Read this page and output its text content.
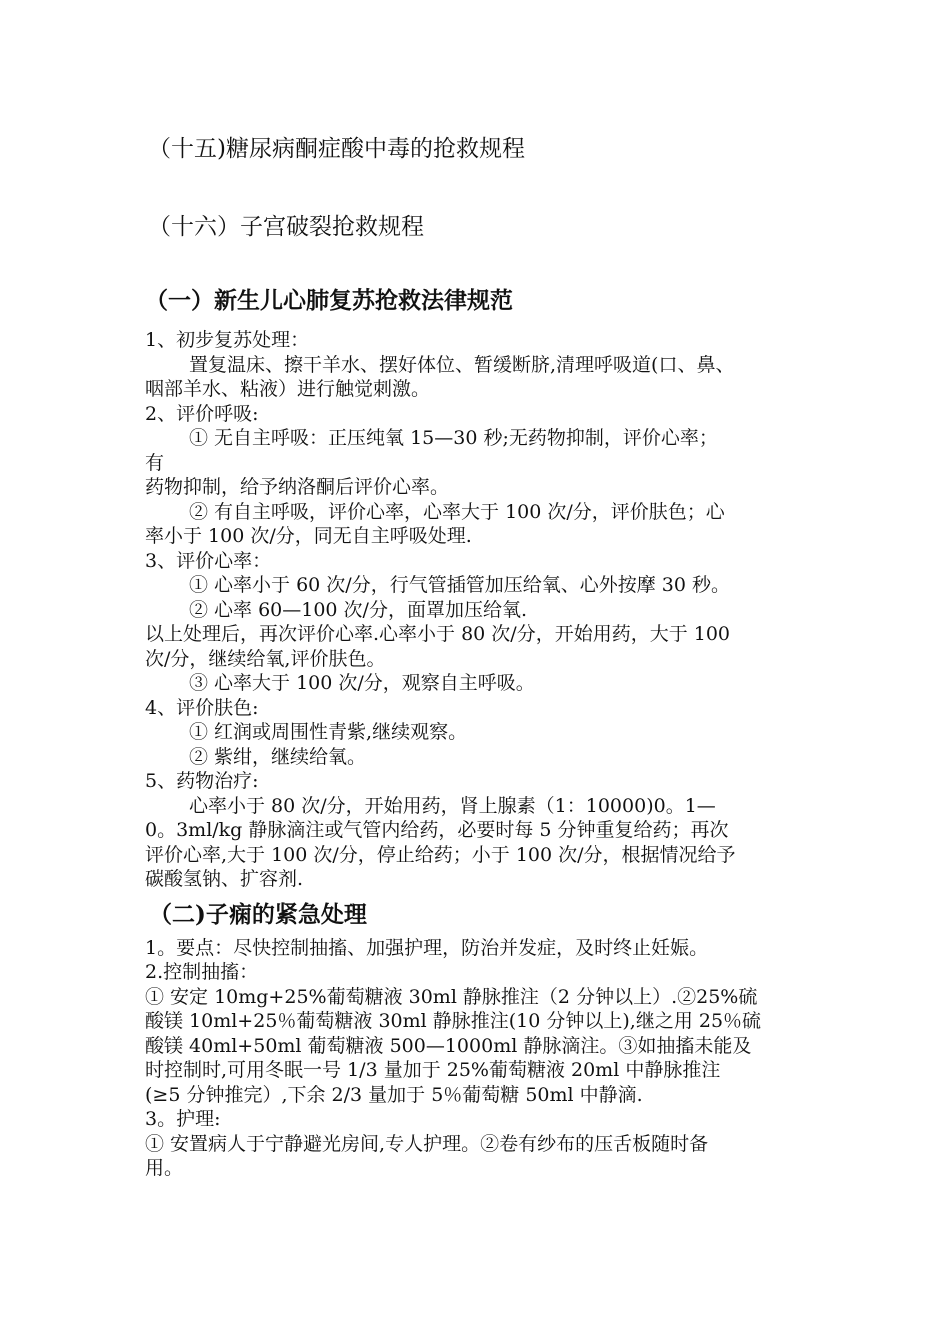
（十五)糖尿病酮症酸中毒的抢救规程
（十六）子宫破裂抢救规程
（一）新生儿心肺复苏抢救法律规范

1、初步复苏处理：

置复温床、擦干羊水、摆好体位、暂缓断脐,清理呼吸道(口、鼻、

咽部羊水、粘液）进行触觉刺激。

2、评价呼吸:

① 无自主呼吸：正压纯氧 15—30 秒;无药物抑制，评价心率；

有

药物抑制，给予纳洛酮后评价心率。

② 有自主呼吸，评价心率，心率大于 100 次/分，评价肤色；心

率小于 100 次/分，同无自主呼吸处理.

3、评价心率：

① 心率小于 60 次/分，行气管插管加压给氧、心外按摩 30 秒。

② 心率 60—100 次/分，面罩加压给氧.

以上处理后，再次评价心率.心率小于 80 次/分，开始用药，大于 100

次/分，继续给氧,评价肤色。

③ 心率大于 100 次/分，观察自主呼吸。

4、评价肤色:

① 红润或周围性青紫,继续观察。

② 紫绀，继续给氧。

5、药物治疗:

心率小于 80 次/分，开始用药，肾上腺素（1：10000)0。1—

0。3ml/kg 静脉滴注或气管内给药，必要时每 5 分钟重复给药；再次

评价心率,大于 100 次/分，停止给药；小于 100 次/分，根据情况给予

碳酸氢钠、扩容剂.

（二)子痫的紧急处理

1。要点：尽快控制抽搐、加强护理，防治并发症，及时终止妊娠。

2.控制抽搐：

① 安定 10mg+25%葡萄糖液 30ml 静脉推注（2 分钟以上）.②25%硫

酸镁 10ml+25％葡萄糖液 30ml 静脉推注(10 分钟以上),继之用 25％硫

酸镁 40ml+50ml 葡萄糖液 500—1000ml 静脉滴注。③如抽搐未能及

时控制时,可用冬眠一号 1/3 量加于 25%葡萄糖液 20ml 中静脉推注

(≥5 分钟推完）,下余 2/3 量加于 5％葡萄糖 50ml 中静滴.

3。护理:

① 安置病人于宁静避光房间,专人护理。②卷有纱布的压舌板随时备

用。
